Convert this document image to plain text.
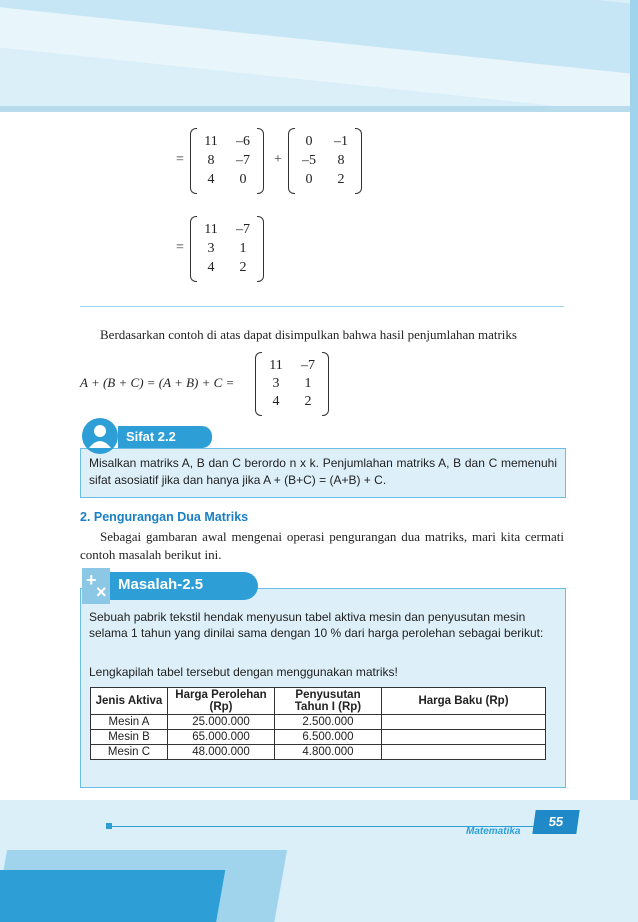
=
11	–6
8	–7
4	0
+
0	–1
–5	8
0	2
=
11	–7
3	1
4	2
Berdasarkan contoh di atas dapat disimpulkan bahwa hasil penjumlahan matriks
A + (B + C) = (A + B) + C =
11	–7
3	1
4	2

Misalkan matriks A, B dan C berordo n x k. Penjumlahan matriks A, B dan C memenuhi sifat asosiatif jika dan hanya jika A + (B+C) = (A+B) + C.

Sifat 2.2
2. Pengurangan Dua Matriks
Sebagai gambaran awal mengenai operasi pengurangan dua matriks, mari kita cermati contoh masalah berikut ini.
Sebuah pabrik tekstil hendak menyusun tabel aktiva mesin dan penyusutan mesin selama 1 tahun yang dinilai sama dengan 10 % dari harga perolehan sebagai berikut:
Lengkapilah tabel tersebut dengan menggunakan matriks!
Masalah-2.5
+
×
Jenis Aktiva	Harga Perolehan (Rp)	Penyusutan Tahun I (Rp)	Harga Baku (Rp)
Mesin A	25.000.000	2.500.000	
Mesin B	65.000.000	6.500.000	
Mesin C	48.000.000	4.800.000	
Matematika
55
